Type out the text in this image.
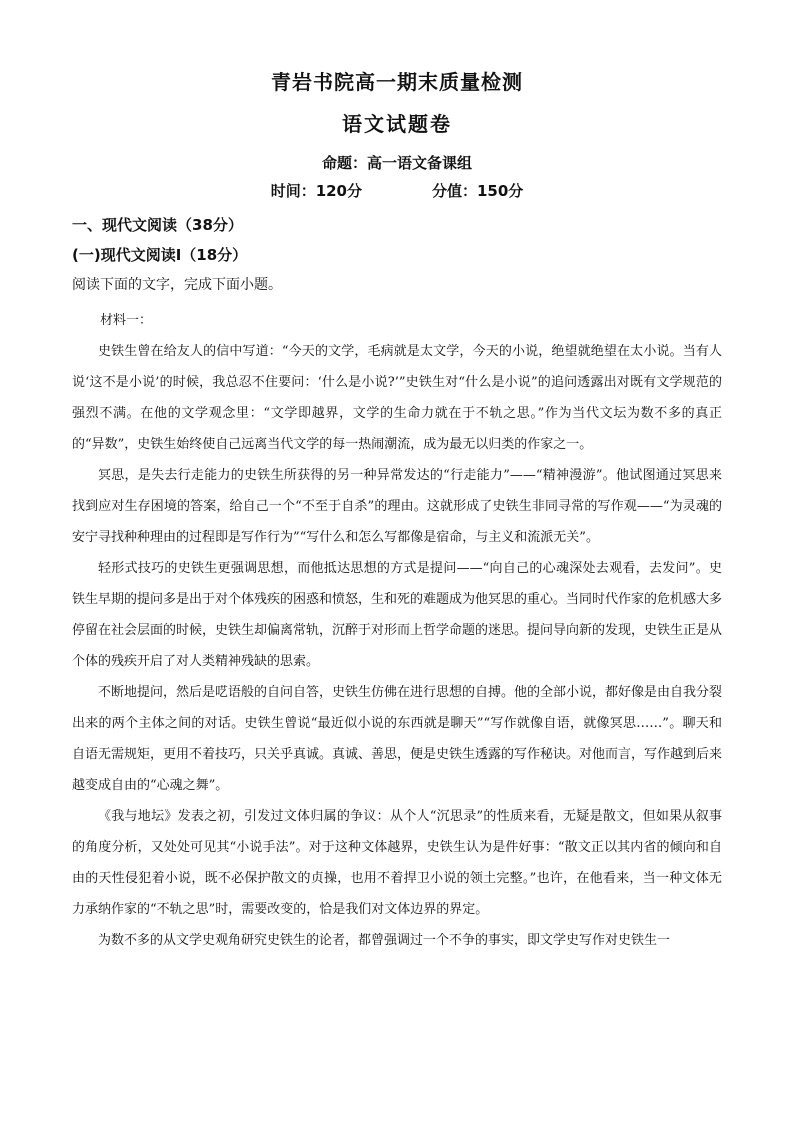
青岩书院高一期末质量检测
语文试题卷
命题：高一语文备课组
时间：120分	分值：150分
一、现代文阅读（38分）
(一)现代文阅读Ⅰ（18分）
阅读下面的文字，完成下面小题。
材料一：

史铁生曾在给友人的信中写道：“今天的文学，毛病就是太文学，今天的小说，绝望就绝望在太小说。当有人说‘这不是小说’的时候，我总忍不住要问：‘什么是小说?’”史铁生对“什么是小说”的追问透露出对既有文学规范的强烈不满。在他的文学观念里：“文学即越界，文学的生命力就在于不轨之思。”作为当代文坛为数不多的真正的“异数”，史铁生始终使自己远离当代文学的每一热闹潮流，成为最无以归类的作家之一。

冥思，是失去行走能力的史铁生所获得的另一种异常发达的“行走能力”——“精神漫游”。他试图通过冥思来找到应对生存困境的答案，给自己一个“不至于自杀”的理由。这就形成了史铁生非同寻常的写作观——“为灵魂的安宁寻找种种理由的过程即是写作行为”“写什么和怎么写都像是宿命，与主义和流派无关”。

轻形式技巧的史铁生更强调思想，而他抵达思想的方式是提问——“向自己的心魂深处去观看，去发问”。史铁生早期的提问多是出于对个体残疾的困惑和愤怒，生和死的难题成为他冥思的重心。当同时代作家的危机感大多停留在社会层面的时候，史铁生却偏离常轨，沉醉于对形而上哲学命题的迷思。提问导向新的发现，史铁生正是从个体的残疾开启了对人类精神残缺的思索。

不断地提问，然后是呓语般的自问自答，史铁生仿佛在进行思想的自搏。他的全部小说，都好像是由自我分裂出来的两个主体之间的对话。史铁生曾说“最近似小说的东西就是聊天”“写作就像自语，就像冥思……”。聊天和自语无需规矩，更用不着技巧，只关乎真诚。真诚、善思，便是史铁生透露的写作秘诀。对他而言，写作越到后来越变成自由的“心魂之舞”。

《我与地坛》发表之初，引发过文体归属的争议：从个人“沉思录”的性质来看，无疑是散文，但如果从叙事的角度分析，又处处可见其“小说手法”。对于这种文体越界，史铁生认为是件好事：“散文正以其内省的倾向和自由的天性侵犯着小说，既不必保护散文的贞操，也用不着捍卫小说的领土完整。”也许，在他看来，当一种文体无力承纳作家的“不轨之思”时，需要改变的，恰是我们对文体边界的界定。

为数不多的从文学史观角研究史铁生的论者，都曾强调过一个不争的事实，即文学史写作对史铁生一
